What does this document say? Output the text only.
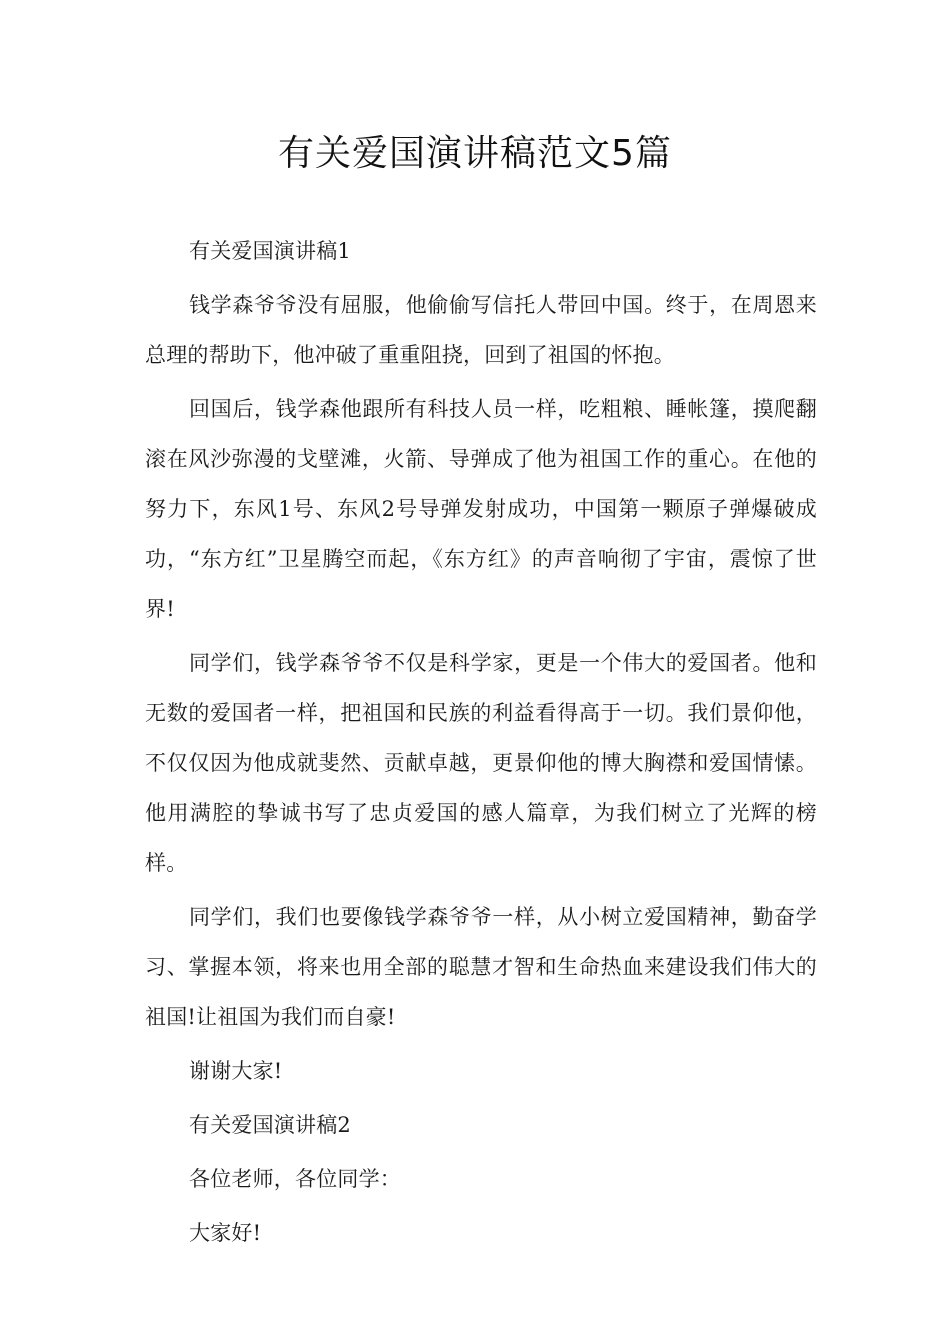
有关爱国演讲稿范文5篇

有关爱国演讲稿1

钱学森爷爷没有屈服，他偷偷写信托人带回中国。终于，在周恩来总理的帮助下，他冲破了重重阻挠，回到了祖国的怀抱。

回国后，钱学森他跟所有科技人员一样，吃粗粮、睡帐篷，摸爬翻滚在风沙弥漫的戈壁滩，火箭、导弹成了他为祖国工作的重心。在他的努力下，东风1号、东风2号导弹发射成功，中国第一颗原子弹爆破成功，“东方红”卫星腾空而起，《东方红》的声音响彻了宇宙，震惊了世界!

同学们，钱学森爷爷不仅是科学家，更是一个伟大的爱国者。他和无数的爱国者一样，把祖国和民族的利益看得高于一切。我们景仰他，不仅仅因为他成就斐然、贡献卓越，更景仰他的博大胸襟和爱国情愫。他用满腔的挚诚书写了忠贞爱国的感人篇章，为我们树立了光辉的榜样。

同学们，我们也要像钱学森爷爷一样，从小树立爱国精神，勤奋学习、掌握本领，将来也用全部的聪慧才智和生命热血来建设我们伟大的祖国!让祖国为我们而自豪!

谢谢大家!

有关爱国演讲稿2

各位老师，各位同学：

大家好!
